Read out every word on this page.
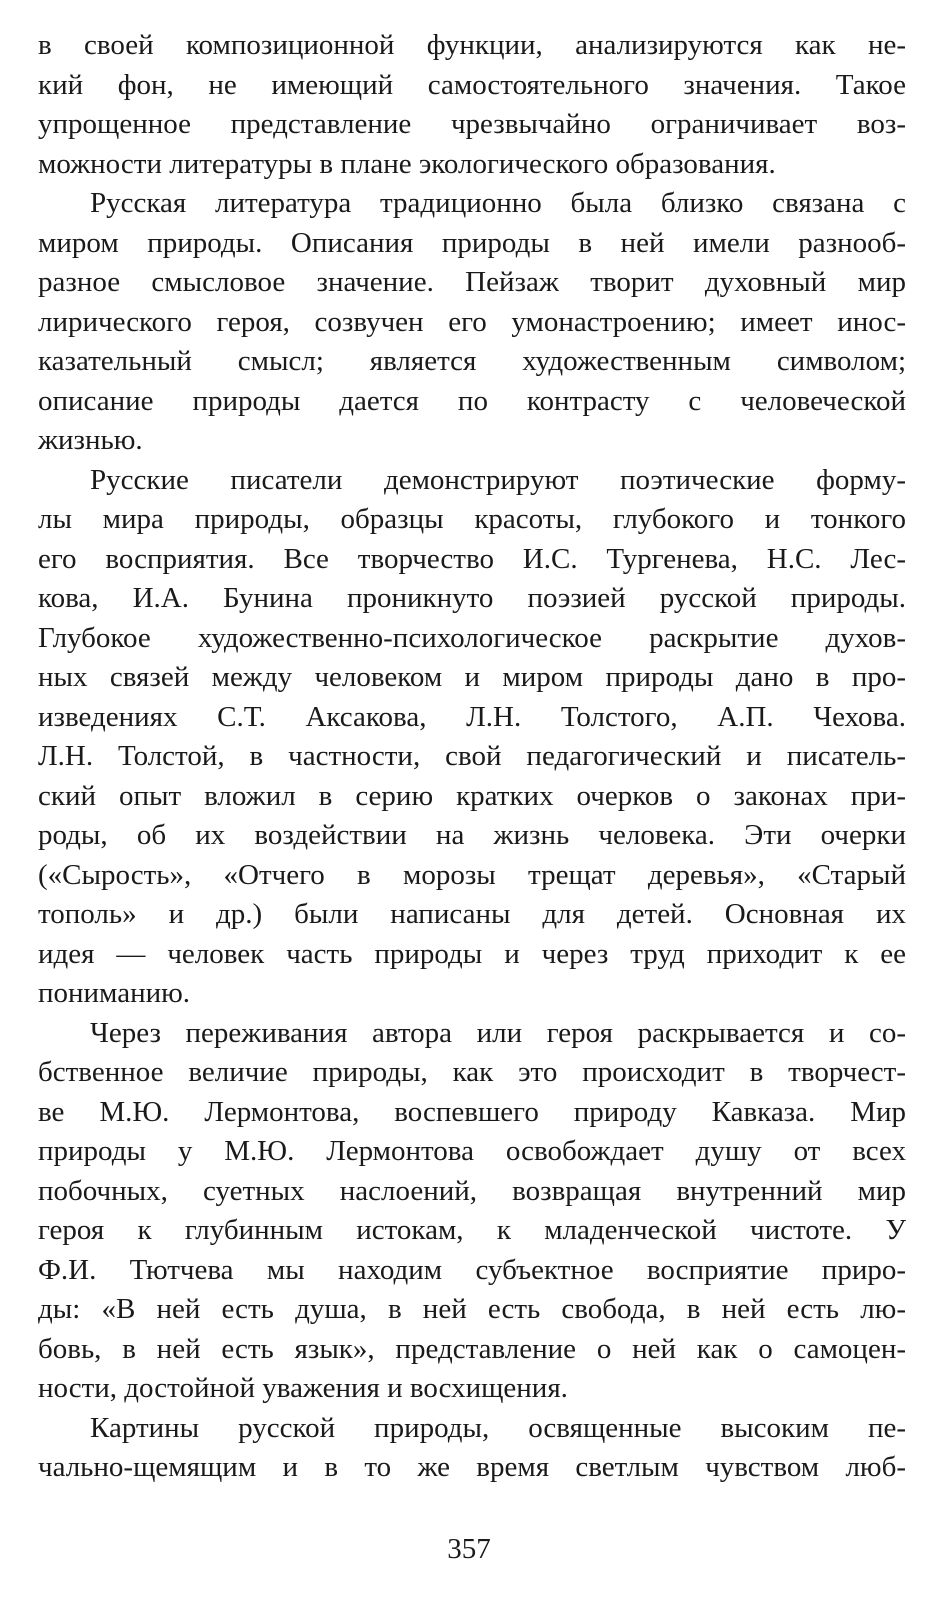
в своей композиционной функции, анализируются как не-
кий фон, не имеющий самостоятельного значения. Такое
упрощенное представление чрезвычайно ограничивает воз-
можности литературы в плане экологического образования.
Русская литература традиционно была близко связана с
миром природы. Описания природы в ней имели разнооб-
разное смысловое значение. Пейзаж творит духовный мир
лирического героя, созвучен его умонастроению; имеет инос-
казательный смысл; является художественным символом;
описание природы дается по контрасту с человеческой
жизнью.
Русские писатели демонстрируют поэтические форму-
лы мира природы, образцы красоты, глубокого и тонкого
его восприятия. Все творчество И.С. Тургенева, Н.С. Лес-
кова, И.А. Бунина проникнуто поэзией русской природы.
Глубокое художественно-психологическое раскрытие духов-
ных связей между человеком и миром природы дано в про-
изведениях С.Т. Аксакова, Л.Н. Толстого, А.П. Чехова.
Л.Н. Толстой, в частности, свой педагогический и писатель-
ский опыт вложил в серию кратких очерков о законах при-
роды, об их воздействии на жизнь человека. Эти очерки
(«Сырость», «Отчего в морозы трещат деревья», «Старый
тополь» и др.) были написаны для детей. Основная их
идея — человек часть природы и через труд приходит к ее
пониманию.
Через переживания автора или героя раскрывается и со-
бственное величие природы, как это происходит в творчест-
ве М.Ю. Лермонтова, воспевшего природу Кавказа. Мир
природы у М.Ю. Лермонтова освобождает душу от всех
побочных, суетных наслоений, возвращая внутренний мир
героя к глубинным истокам, к младенческой чистоте. У
Ф.И. Тютчева мы находим субъектное восприятие приро-
ды: «В ней есть душа, в ней есть свобода, в ней есть лю-
бовь, в ней есть язык», представление о ней как о самоцен-
ности, достойной уважения и восхищения.
Картины русской природы, освященные высоким пе-
чально-щемящим и в то же время светлым чувством люб-
357
